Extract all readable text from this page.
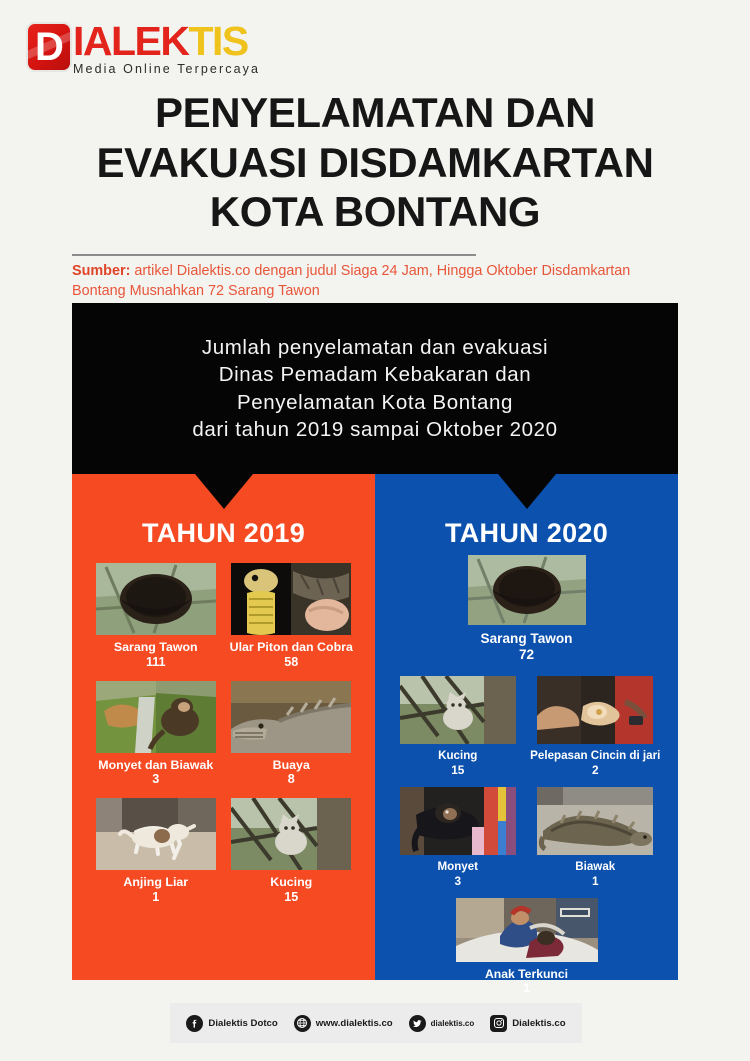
D IALEK TIS
Media Online Terpercaya
PENYELAMATAN DAN
EVAKUASI DISDAMKARTAN
KOTA BONTANG
Sumber: artikel Dialektis.co dengan judul Siaga 24 Jam, Hingga Oktober Disdamkartan Bontang Musnahkan 72 Sarang Tawon
Jumlah penyelamatan dan evakuasi
Dinas Pemadam Kebakaran dan
Penyelamatan Kota Bontang
dari tahun 2019 sampai Oktober 2020
TAHUN 2019
Sarang Tawon
111
Ular Piton dan Cobra
58
Monyet dan Biawak
3
Buaya
8
Anjing Liar
1
Kucing
15
TAHUN 2020
Sarang Tawon
72
Kucing
15
Pelepasan Cincin di jari
2
Monyet
3
Biawak
1
Anak Terkunci
1
Dialektis Dotco	www.dialektis.co	dialektis.co	Dialektis.co
